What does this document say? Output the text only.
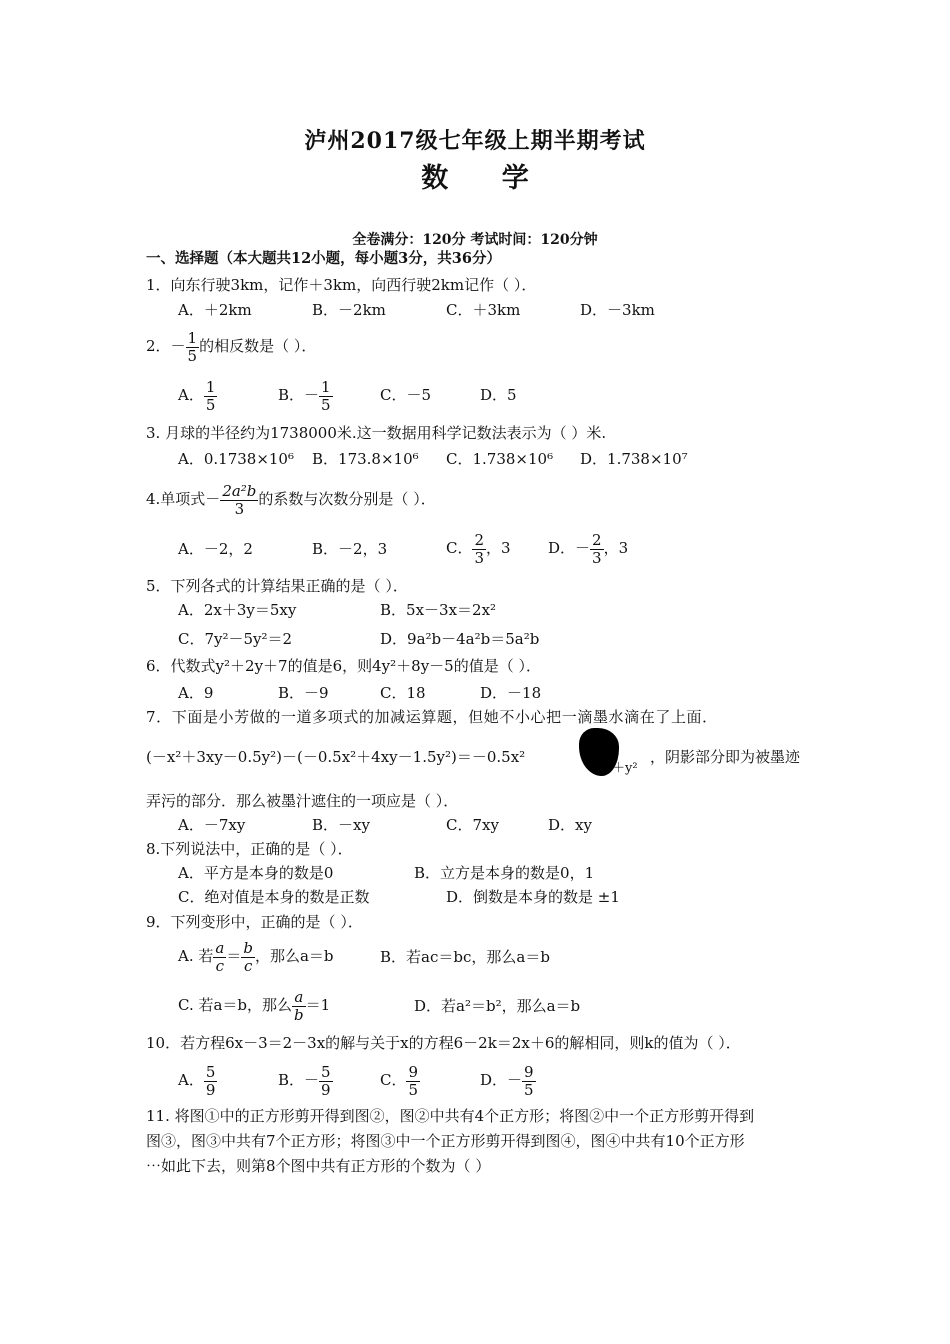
泸州2017级七年级上期半期考试
数 学
全卷满分：120分 考试时间：120分钟
一、选择题（本大题共12小题，每小题3分，共36分）
1．向东行驶3km，记作＋3km，向西行驶2km记作（ ）．
A．＋2km	B．－2km	C．＋3km	D．－3km
2．－ $\frac{1}{5}$ 的相反数是（ ）．
A． $\frac{1}{5}$	B．－ $\frac{1}{5}$	C．－5	D．5
3. 月球的半径约为1738000米.这一数据用科学记数法表示为（ ）米.
A．0.1738×10⁶ B．173.8×10⁶ C．1.738×10⁶ D．1.738×10⁷
4.单项式－ $\frac{\text{2a²b}}{3}$ 的系数与次数分别是（ ）．
A．－2，2	B．－2，3	C． $\frac{2}{3}$ ，3 D．－ $\frac{2}{3}$ ，3
5．下列各式的计算结果正确的是（ ）．
A．2x＋3y＝5xy	B．5x－3x＝2x²
C．7y²－5y²＝2	D．9a²b－4a²b＝5a²b
6．代数式y²＋2y＋7的值是6，则4y²＋8y－5的值是（ ）．
A．9	B．－9	C．18	D．－18
7．下面是小芳做的一道多项式的加减运算题，但她不小心把一滴墨水滴在了上面．
(－x²＋3xy－0.5y²)－(－0.5x²＋4xy－1.5y²)＝－0.5x²
＋y²
，阴影部分即为被墨迹
弄污的部分．那么被墨汁遮住的一项应是（ ）．
A．－7xy	B．－xy	C．7xy	D．xy
8.下列说法中，正确的是（ ）．
A．平方是本身的数是0	B．立方是本身的数是0，1
C．绝对值是本身的数是正数	D．倒数是本身的数是 ±1
9．下列变形中，正确的是（ ）．
A. 若 $\frac{a}{c} = \frac{b}{c}$ ，那么a＝b	B．若ac＝bc，那么a＝b
C. 若a＝b，那么 $\frac{a}{b} =1$	D．若a²＝b²，那么a＝b
10．若方程6x－3＝2－3x的解与关于x的方程6－2k＝2x＋6的解相同，则k的值为（ ）．
A． $\frac{5}{9}$	B．－ $\frac{5}{9}$	C． $\frac{9}{5}$	D．－ $\frac{9}{5}$
11. 将图①中的正方形剪开得到图②，图②中共有4个正方形；将图②中一个正方形剪开得到
图③，图③中共有7个正方形；将图③中一个正方形剪开得到图④，图④中共有10个正方形
⋯如此下去，则第8个图中共有正方形的个数为（ ）
